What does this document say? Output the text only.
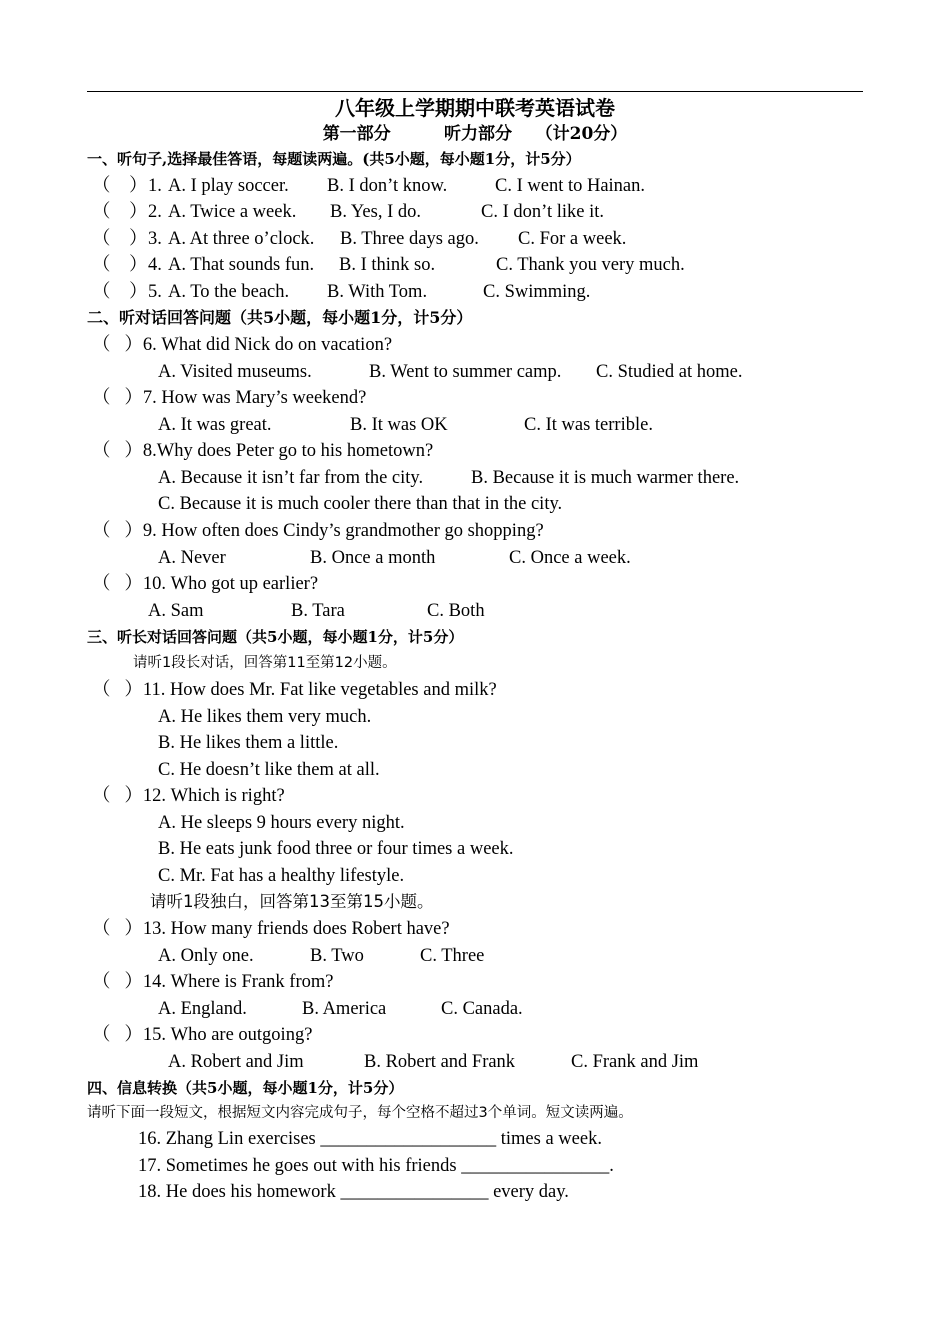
八年级上学期期中联考英语试卷
第一部分         听力部分    （计20分）
一、听句子,选择最佳答语，每题读两遍。(共5小题，每小题1分，计5分）
（    ） 1. A. I play soccer. B. I don’t know.	C. I went to Hainan.
（    ） 2. A. Twice a week. B. Yes, I do.	C. I don’t like it.
（    ） 3. A. At three o’clock. B. Three days ago. C. For a week.
（    ） 4. A. That sounds fun. B. I think so.	C. Thank you very much.
（    ） 5. A. To the beach. B. With Tom.	C. Swimming.
二、听对话回答问题（共5小题，每小题1分，计5分）
（   ）6. What did Nick do on vacation?
A. Visited museums.	B. Went to summer camp. C. Studied at home.
（   ）7. How was Mary’s weekend?
A. It was great.	B. It was OK	C. It was terrible.
（   ）8.Why does Peter go to his hometown?
A. Because it isn’t far from the city.	B. Because it is much warmer there.
C. Because it is much cooler there than that in the city.
（   ）9. How often does Cindy’s grandmother go shopping?
A. Never	B. Once a month	C. Once a week.
（   ）10. Who got up earlier?
A. Sam	B. Tara	C. Both
三、听长对话回答问题（共5小题，每小题1分，计5分）
请听1段长对话，回答第11至第12小题。
（   ）11. How does Mr. Fat like vegetables and milk?
A. He likes them very much.
B. He likes them a little.
C. He doesn’t like them at all.
（   ）12. Which is right?
A. He sleeps 9 hours every night.
B. He eats junk food three or four times a week.
C. Mr. Fat has a healthy lifestyle.
请听1段独白，回答第13至第15小题。
（   ）13. How many friends does Robert have?
A. Only one.	B. Two	C. Three
（   ）14. Where is Frank from?
A. England.	B. America	C. Canada.
（   ）15. Who are outgoing?
A. Robert and Jim	B. Robert and Frank	C. Frank and Jim
四、信息转换（共5小题，每小题1分，计5分）
请听下面一段短文，根据短文内容完成句子，每个空格不超过3个单词。短文读两遍。
16. Zhang Lin exercises ___________________ times a week.
17. Sometimes he goes out with his friends ________________.
18. He does his homework ________________ every day.
